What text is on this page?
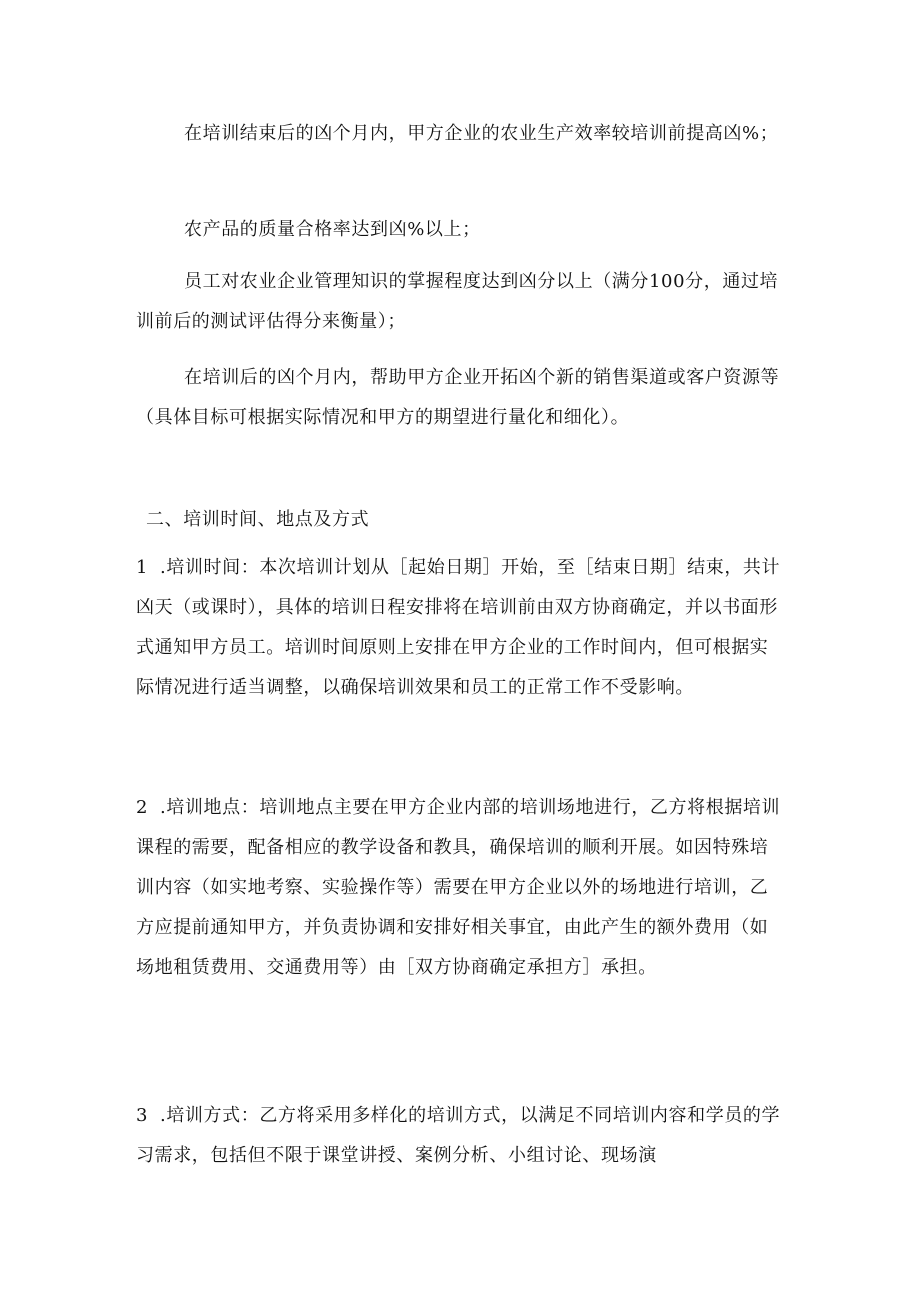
在培训结束后的凶个月内，甲方企业的农业生产效率较培训前提高凶%；

农产品的质量合格率达到凶%以上；

员工对农业企业管理知识的掌握程度达到凶分以上（满分100分，通过培训前后的测试评估得分来衡量）；

在培训后的凶个月内，帮助甲方企业开拓凶个新的销售渠道或客户资源等（具体目标可根据实际情况和甲方的期望进行量化和细化）。

二、培训时间、地点及方式

1 .培训时间：本次培训计划从［起始日期］开始，至［结束日期］结束，共计凶天（或课时），具体的培训日程安排将在培训前由双方协商确定，并以书面形式通知甲方员工。培训时间原则上安排在甲方企业的工作时间内，但可根据实际情况进行适当调整，以确保培训效果和员工的正常工作不受影响。

2 .培训地点：培训地点主要在甲方企业内部的培训场地进行，乙方将根据培训课程的需要，配备相应的教学设备和教具，确保培训的顺利开展。如因特殊培训内容（如实地考察、实验操作等）需要在甲方企业以外的场地进行培训，乙方应提前通知甲方，并负责协调和安排好相关事宜，由此产生的额外费用（如场地租赁费用、交通费用等）由［双方协商确定承担方］承担。

3 .培训方式：乙方将采用多样化的培训方式，以满足不同培训内容和学员的学习需求，包括但不限于课堂讲授、案例分析、小组讨论、现场演
